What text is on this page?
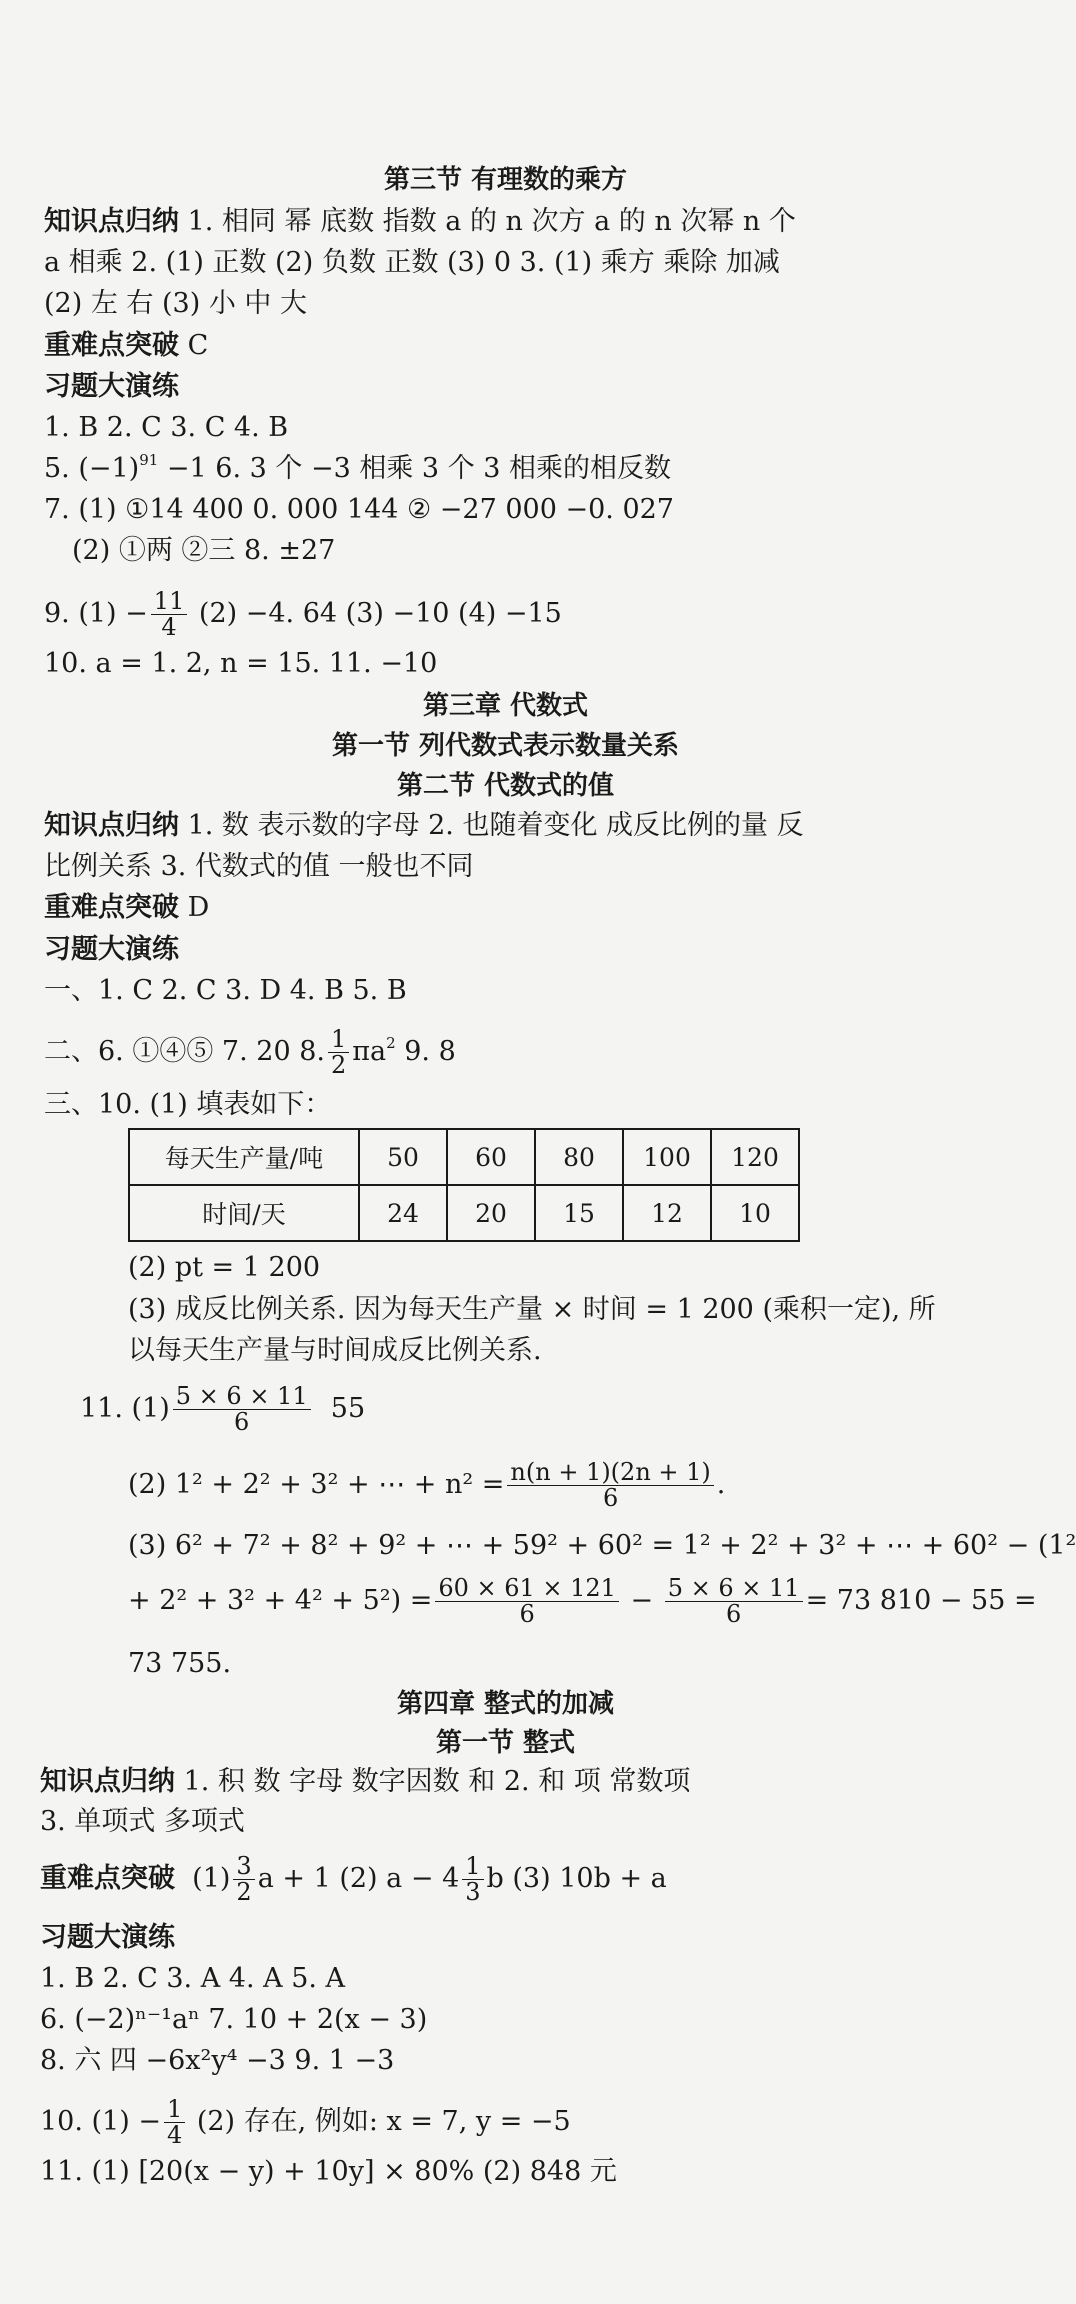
第三节 有理数的乘方
知识点归纳 1. 相同 幂 底数 指数 a 的 n 次方 a 的 n 次幂 n 个
a 相乘 2. (1) 正数 (2) 负数 正数 (3) 0 3. (1) 乘方 乘除 加减
(2) 左 右 (3) 小 中 大
重难点突破 C
习题大演练
1. B 2. C 3. C 4. B
5. $(-1)^{91} -1$ 6. 3 个 −3 相乘 3 个 3 相乘的相反数
7. (1) ①14 400 0. 000 144 ② −27 000 −0. 027
(2) ①两 ②三 8. ±27
9. $(1) - \frac{11}{4} (2) -4$. 64 (3) −10 (4) −15
10. a = 1. 2, n = 15. 11. −10
第三章 代数式
第一节 列代数式表示数量关系
第二节 代数式的值
知识点归纳 1. 数 表示数的字母 2. 也随着变化 成反比例的量 反
比例关系 3. 代数式的值 一般也不同
重难点突破 D
习题大演练
一、1. C 2. C 3. D 4. B 5. B
二、6. ①④⑤ 7. 20 8. $\frac{1}{2} \pi a^2$ 9. 8
三、10. (1) 填表如下：
每天生产量/吨	50	60	80	100	120
时间/天	24	20	15	12	10
(2) pt = 1 200
(3) 成反比例关系. 因为每天生产量 × 时间 = 1 200 (乘积一定), 所
以每天生产量与时间成反比例关系.
11. $(1) \frac{5 \times 6 \times 11}{6} 55$
(2) 1² + 2² + 3² + ⋯ + $n^2 = \frac{n(n + 1)(2n + 1)}{6}$ .
(3) 6² + 7² + 8² + 9² + ⋯ + 59² + 60² = 1² + 2² + 3² + ⋯ + 60² − (1²
+ $2^2 + 3^2 + 4^2 + 5^2) = \frac{60 \times 61 \times 121}{6} - \frac{5 \times 6 \times 11}{6} = 73$ 810 − 55 =
73 755.
第四章 整式的加减
第一节 整式
知识点归纳 1. 积 数 字母 数字因数 和 2. 和 项 常数项
3. 单项式 多项式
重难点突破 $(1) \frac{3}{2}$ a + 1 (2) $a - 4 \frac{1}{3}$ b (3) 10b + a
习题大演练
1. B 2. C 3. A 4. A 5. A
6. (−2)ⁿ⁻¹aⁿ 7. 10 + 2(x − 3)
8. 六 四 −6x²y⁴ −3 9. 1 −3
10. $(1) - \frac{1}{4} (2)$ 存在, 例如: x = 7, y = −5
11. (1) [20(x − y) + 10y] × 80% (2) 848 元
